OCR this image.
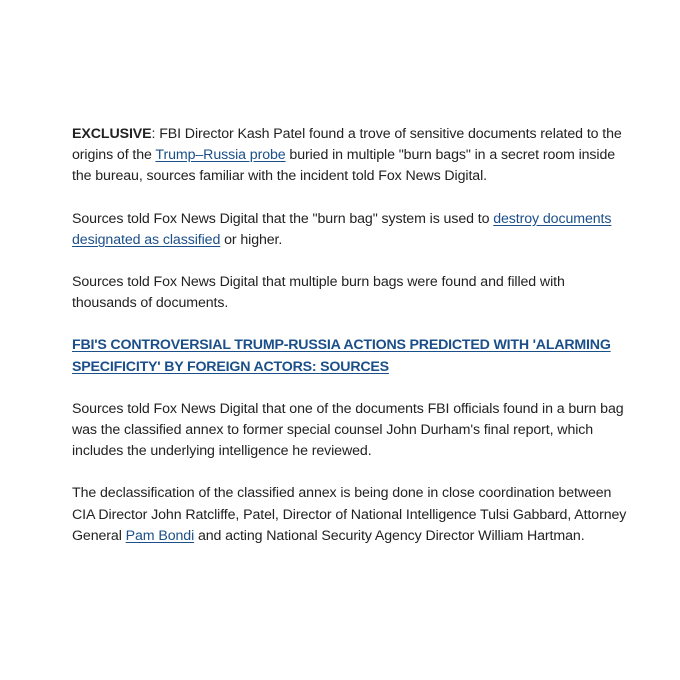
EXCLUSIVE: FBI Director Kash Patel found a trove of sensitive documents related to the origins of the Trump–Russia probe buried in multiple "burn bags" in a secret room inside the bureau, sources familiar with the incident told Fox News Digital.

Sources told Fox News Digital that the "burn bag" system is used to destroy documents designated as classified or higher.

Sources told Fox News Digital that multiple burn bags were found and filled with thousands of documents.

FBI'S CONTROVERSIAL TRUMP-RUSSIA ACTIONS PREDICTED WITH 'ALARMING SPECIFICITY' BY FOREIGN ACTORS: SOURCES

Sources told Fox News Digital that one of the documents FBI officials found in a burn bag was the classified annex to former special counsel John Durham's final report, which includes the underlying intelligence he reviewed.

The declassification of the classified annex is being done in close coordination between CIA Director John Ratcliffe, Patel, Director of National Intelligence Tulsi Gabbard, Attorney General Pam Bondi and acting National Security Agency Director William Hartman.
